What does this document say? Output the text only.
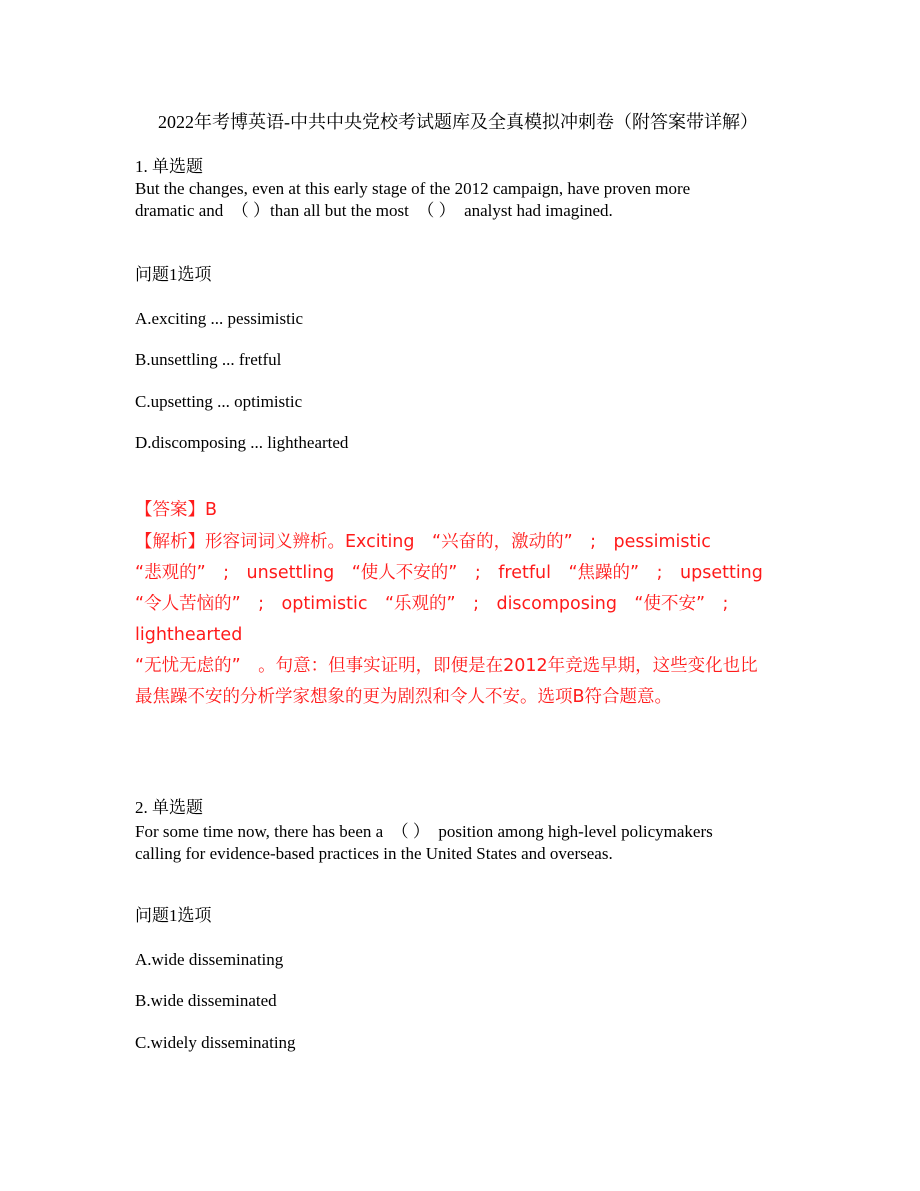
2022年考博英语-中共中央党校考试题库及全真模拟冲刺卷（附答案带详解）
1. 单选题
But the changes, even at this early stage of the 2012 campaign, have proven more
dramatic and　（ ）than all but the most　（ ）　analyst had imagined.
问题1选项
A.exciting ... pessimistic
B.unsettling ... fretful
C.upsetting ... optimistic
D.discomposing ... lighthearted
【答案】B
【解析】形容词词义辨析。Exciting　“兴奋的，激动的”　;　pessimistic
“悲观的”　;　unsettling　“使人不安的”　;　fretful　“焦躁的”　;　upsetting
“令人苦恼的”　;　optimistic　“乐观的”　;　discomposing　“使不安”　;
lighthearted
“无忧无虑的”　。句意：但事实证明，即便是在2012年竞选早期，这些变化也比
最焦躁不安的分析学家想象的更为剧烈和令人不安。选项B符合题意。
2. 单选题
For some time now, there has been a　（ ）　position among high-level policymakers
calling for evidence-based practices in the United States and overseas.
问题1选项
A.wide disseminating
B.wide disseminated
C.widely disseminating
